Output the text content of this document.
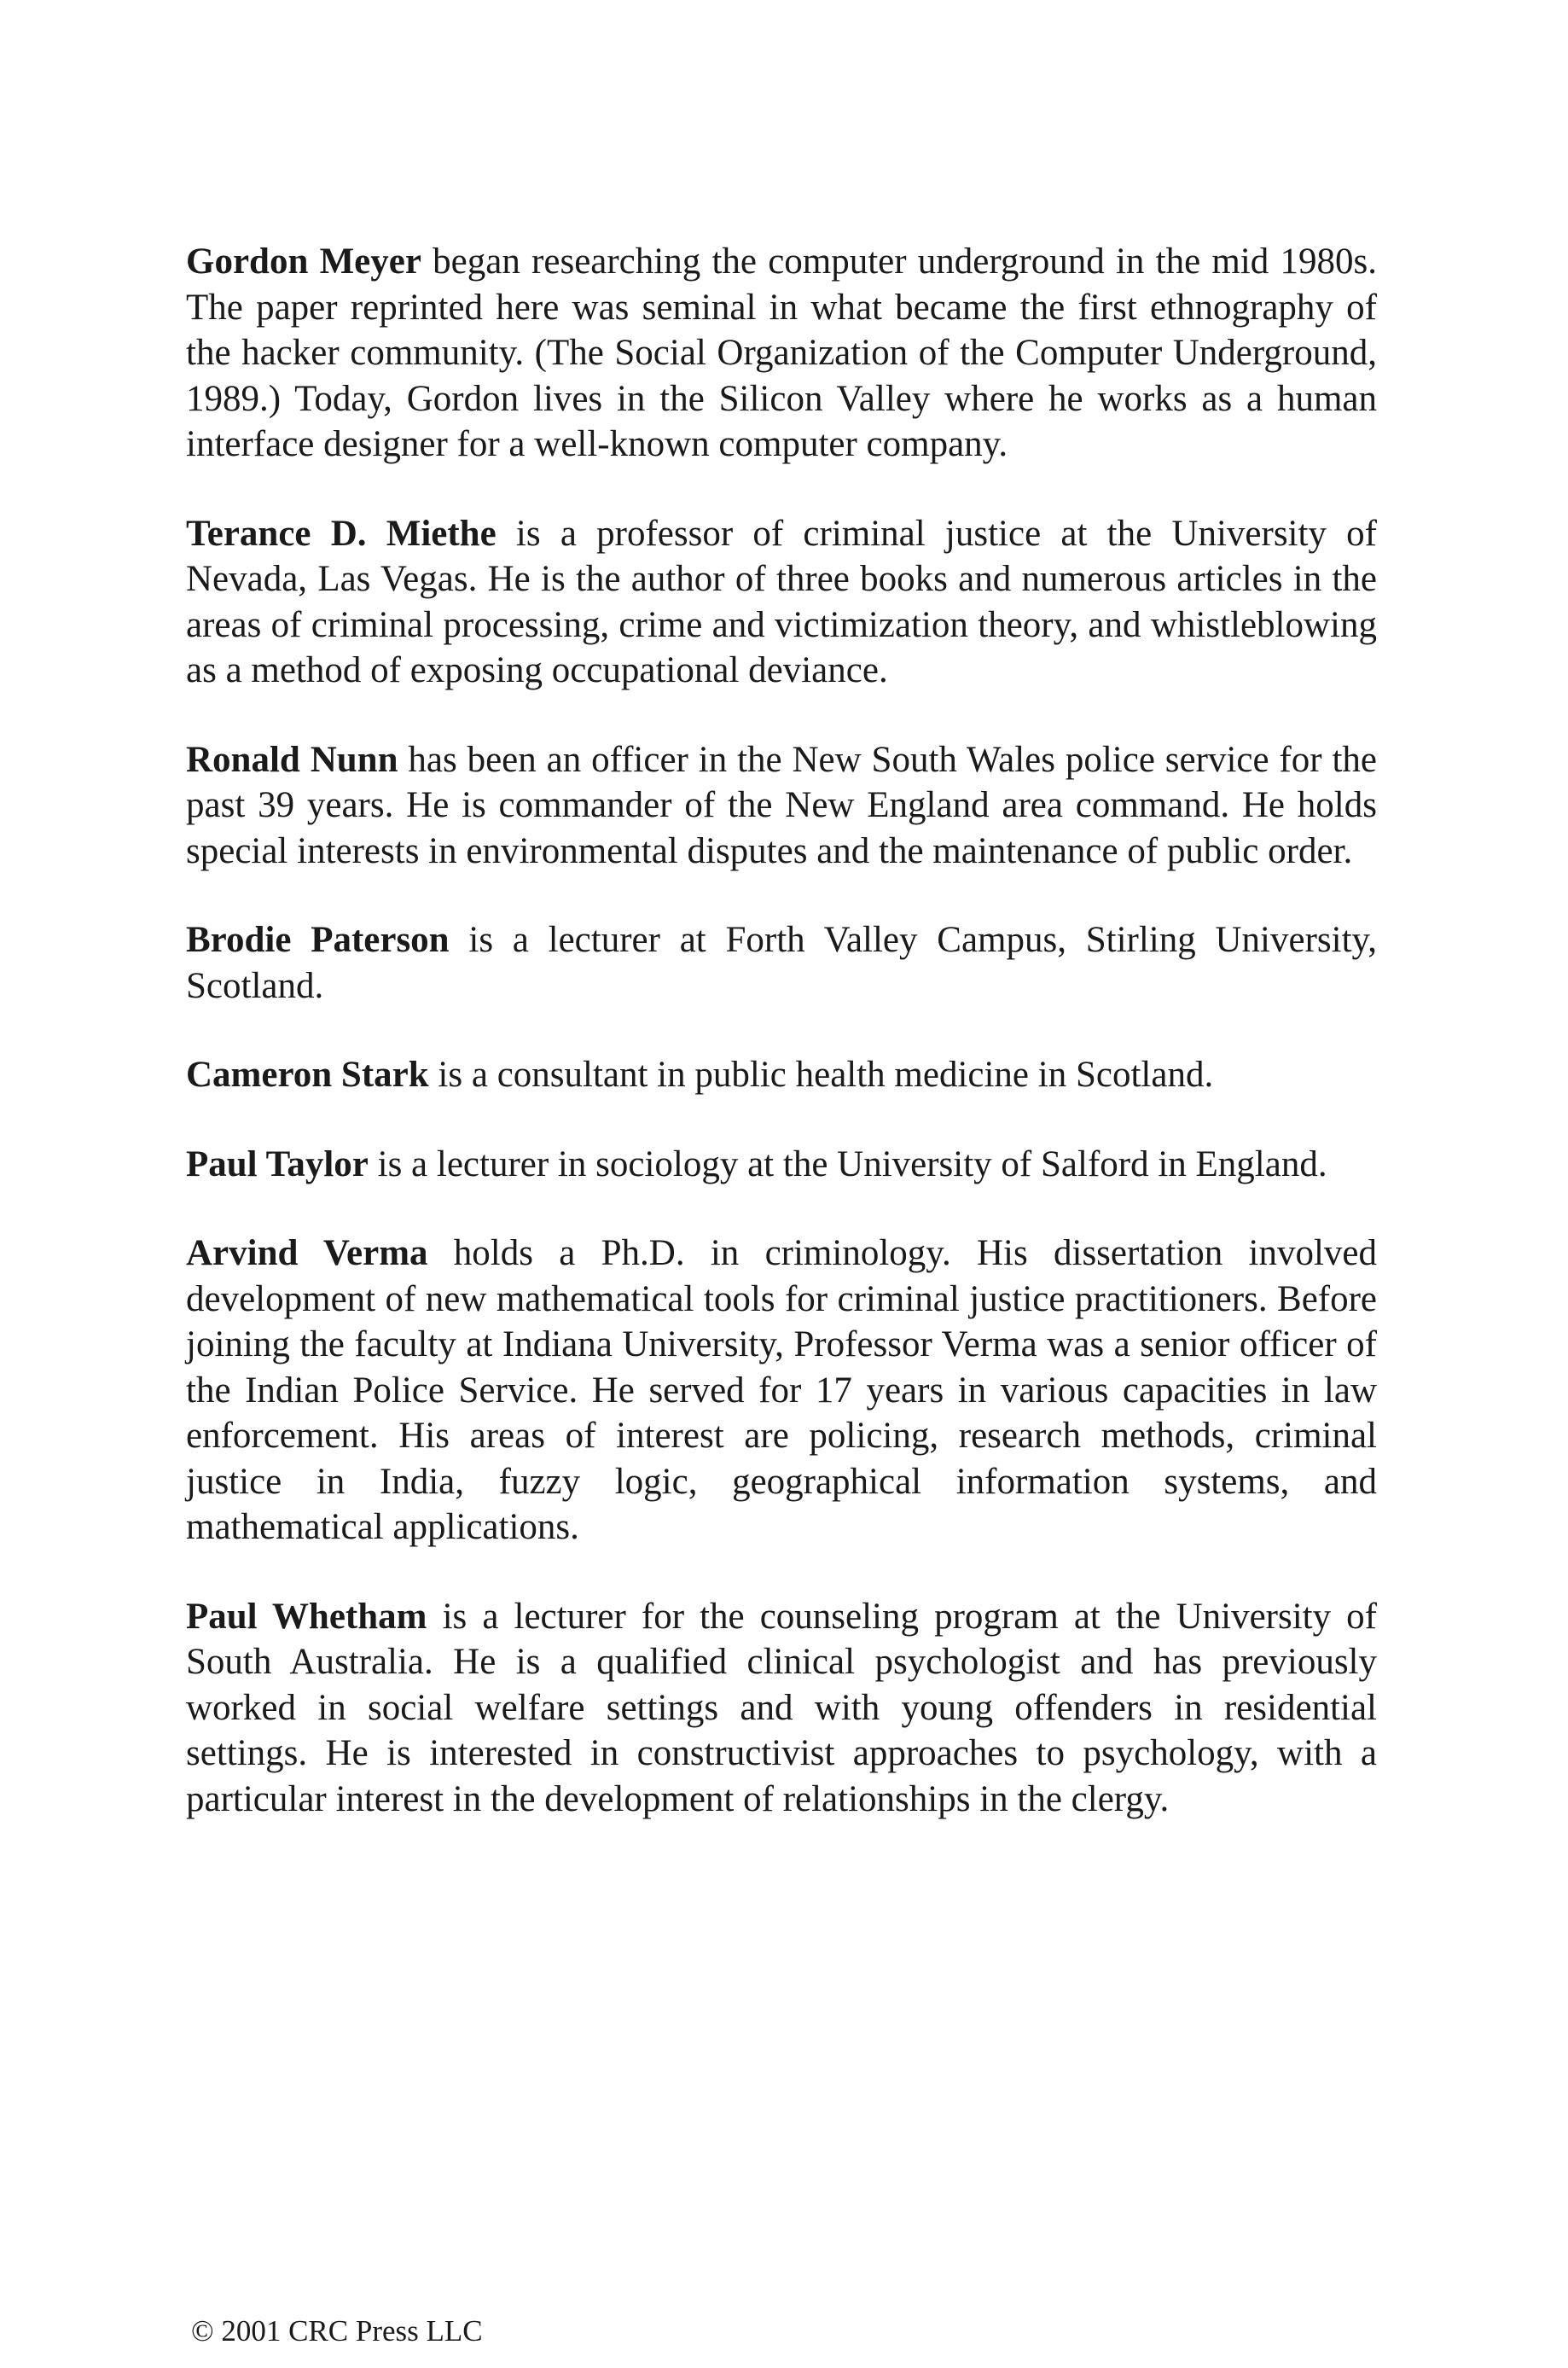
Gordon Meyer began researching the computer underground in the mid 1980s. The paper reprinted here was seminal in what became the first ethnography of the hacker community. (The Social Organization of the Computer Underground, 1989.) Today, Gordon lives in the Silicon Valley where he works as a human interface designer for a well-known computer company.

Terance D. Miethe is a professor of criminal justice at the University of Nevada, Las Vegas. He is the author of three books and numerous articles in the areas of criminal processing, crime and victimization theory, and whistleblowing as a method of exposing occupational deviance.

Ronald Nunn has been an officer in the New South Wales police service for the past 39 years. He is commander of the New England area command. He holds special interests in environmental disputes and the maintenance of public order.

Brodie Paterson is a lecturer at Forth Valley Campus, Stirling University, Scotland.

Cameron Stark is a consultant in public health medicine in Scotland.

Paul Taylor is a lecturer in sociology at the University of Salford in England.

Arvind Verma holds a Ph.D. in criminology. His dissertation involved development of new mathematical tools for criminal justice practitioners. Before joining the faculty at Indiana University, Professor Verma was a senior officer of the Indian Police Service. He served for 17 years in various capacities in law enforcement. His areas of interest are policing, research methods, criminal justice in India, fuzzy logic, geographical information systems, and mathematical applications.

Paul Whetham is a lecturer for the counseling program at the University of South Australia. He is a qualified clinical psychologist and has previously worked in social welfare settings and with young offenders in residential settings. He is interested in constructivist approaches to psychology, with a particular interest in the development of relationships in the clergy.

© 2001 CRC Press LLC
